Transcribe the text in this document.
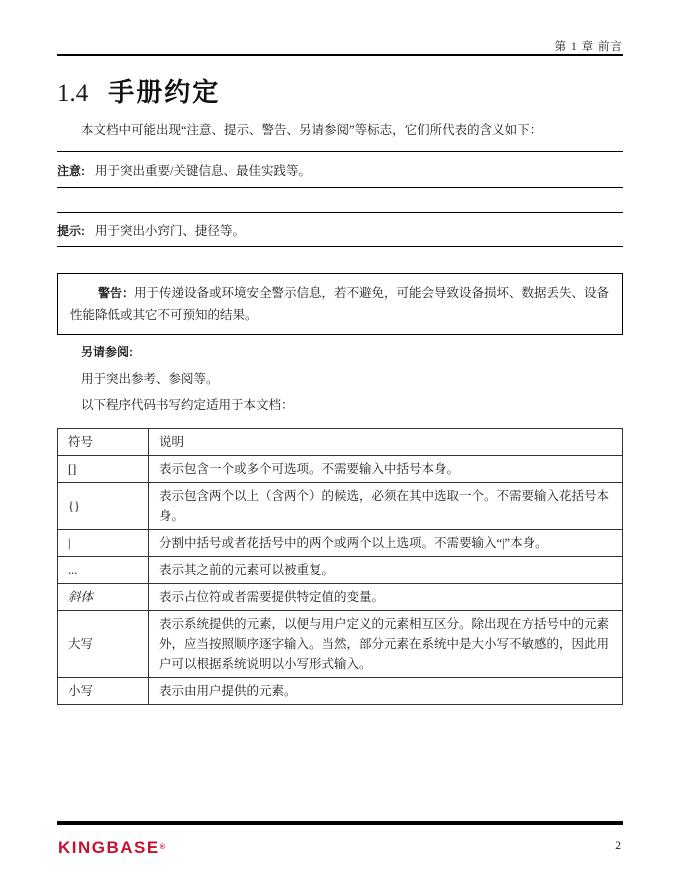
第 1 章 前言
1.4 手册约定

本文档中可能出现“注意、提示、警告、另请参阅”等标志，它们所代表的含义如下：

注意: 用于突出重要/关键信息、最佳实践等。
提示: 用于突出小窍门、捷径等。
警告：用于传递设备或环境安全警示信息，若不避免，可能会导致设备损坏、数据丢失、设备性能降低或其它不可预知的结果。
另请参阅:
用于突出参考、参阅等。
以下程序代码书写约定适用于本文档：
符号	说明
[]	表示包含一个或多个可选项。不需要输入中括号本身。
{}	表示包含两个以上（含两个）的候选，必须在其中选取一个。不需要输入花括号本身。
|	分割中括号或者花括号中的两个或两个以上选项。不需要输入“|”本身。
...	表示其之前的元素可以被重复。
斜体	表示占位符或者需要提供特定值的变量。
大写	表示系统提供的元素，以便与用户定义的元素相互区分。除出现在方括号中的元素外，应当按照顺序逐字输入。当然，部分元素在系统中是大小写不敏感的，因此用户可以根据系统说明以小写形式输入。
小写	表示由用户提供的元素。
KINGBASE®	2
